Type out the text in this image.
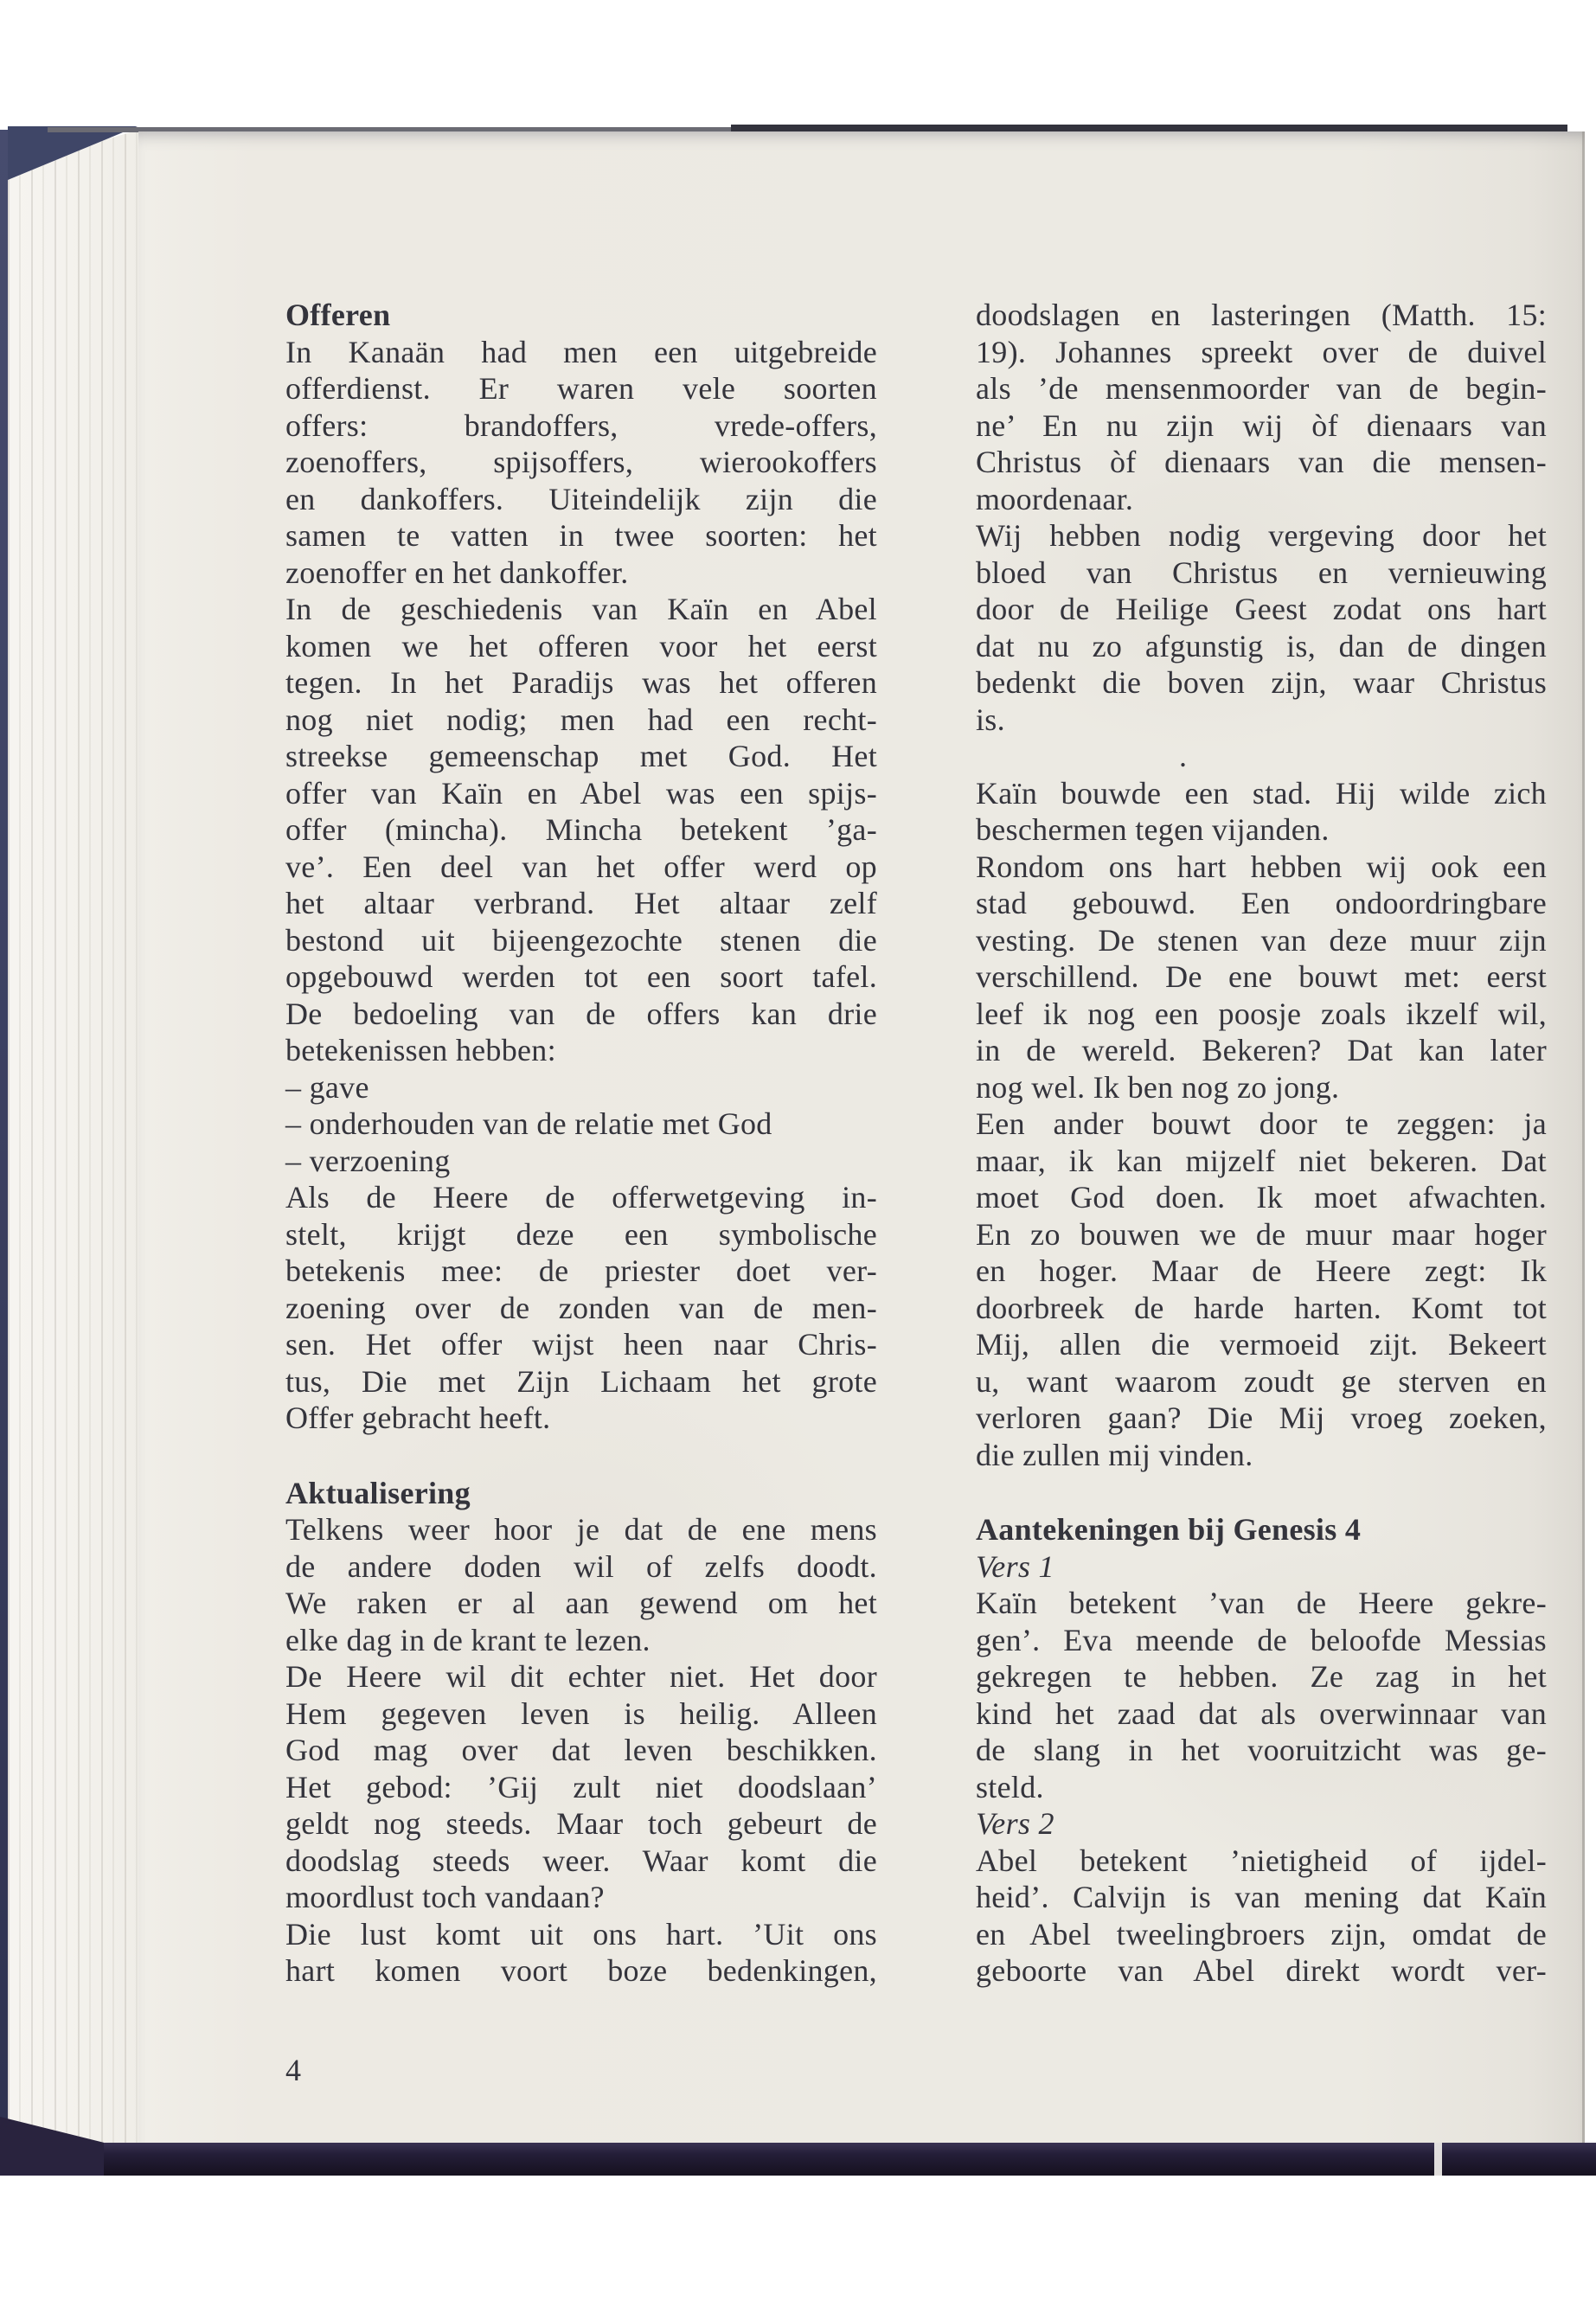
Offeren
In Kanaän had men een uitgebreide
offerdienst. Er waren vele soorten
offers: brandoffers, vrede-offers,
zoenoffers, spijsoffers, wierookoffers
en dankoffers. Uiteindelijk zijn die
samen te vatten in twee soorten: het
zoenoffer en het dankoffer.
In de geschiedenis van Kaïn en Abel
komen we het offeren voor het eerst
tegen. In het Paradijs was het offeren
nog niet nodig; men had een recht-
streekse gemeenschap met God. Het
offer van Kaïn en Abel was een spijs-
offer (mincha). Mincha betekent ’ga-
ve’. Een deel van het offer werd op
het altaar verbrand. Het altaar zelf
bestond uit bijeengezochte stenen die
opgebouwd werden tot een soort tafel.
De bedoeling van de offers kan drie
betekenissen hebben:
– gave
– onderhouden van de relatie met God
– verzoening
Als de Heere de offerwetgeving in-
stelt, krijgt deze een symbolische
betekenis mee: de priester doet ver-
zoening over de zonden van de men-
sen. Het offer wijst heen naar Chris-
tus, Die met Zijn Lichaam het grote
Offer gebracht heeft.
Aktualisering
Telkens weer hoor je dat de ene mens
de andere doden wil of zelfs doodt.
We raken er al aan gewend om het
elke dag in de krant te lezen.
De Heere wil dit echter niet. Het door
Hem gegeven leven is heilig. Alleen
God mag over dat leven beschikken.
Het gebod: ’Gij zult niet doodslaan’
geldt nog steeds. Maar toch gebeurt de
doodslag steeds weer. Waar komt die
moordlust toch vandaan?
Die lust komt uit ons hart. ’Uit ons
hart komen voort boze bedenkingen,
doodslagen en lasteringen (Matth. 15:
19). Johannes spreekt over de duivel
als ’de mensenmoorder van de begin-
ne’ En nu zijn wij òf dienaars van
Christus òf dienaars van die mensen-
moordenaar.
Wij hebben nodig vergeving door het
bloed van Christus en vernieuwing
door de Heilige Geest zodat ons hart
dat nu zo afgunstig is, dan de dingen
bedenkt die boven zijn, waar Christus
is.
.
Kaïn bouwde een stad. Hij wilde zich
beschermen tegen vijanden.
Rondom ons hart hebben wij ook een
stad gebouwd. Een ondoordringbare
vesting. De stenen van deze muur zijn
verschillend. De ene bouwt met: eerst
leef ik nog een poosje zoals ikzelf wil,
in de wereld. Bekeren? Dat kan later
nog wel. Ik ben nog zo jong.
Een ander bouwt door te zeggen: ja
maar, ik kan mijzelf niet bekeren. Dat
moet God doen. Ik moet afwachten.
En zo bouwen we de muur maar hoger
en hoger. Maar de Heere zegt: Ik
doorbreek de harde harten. Komt tot
Mij, allen die vermoeid zijt. Bekeert
u, want waarom zoudt ge sterven en
verloren gaan? Die Mij vroeg zoeken,
die zullen mij vinden.
Aantekeningen bij Genesis 4
Vers 1
Kaïn betekent ’van de Heere gekre-
gen’. Eva meende de beloofde Messias
gekregen te hebben. Ze zag in het
kind het zaad dat als overwinnaar van
de slang in het vooruitzicht was ge-
steld.
Vers 2
Abel betekent ’nietigheid of ijdel-
heid’. Calvijn is van mening dat Kaïn
en Abel tweelingbroers zijn, omdat de
geboorte van Abel direkt wordt ver-
4
